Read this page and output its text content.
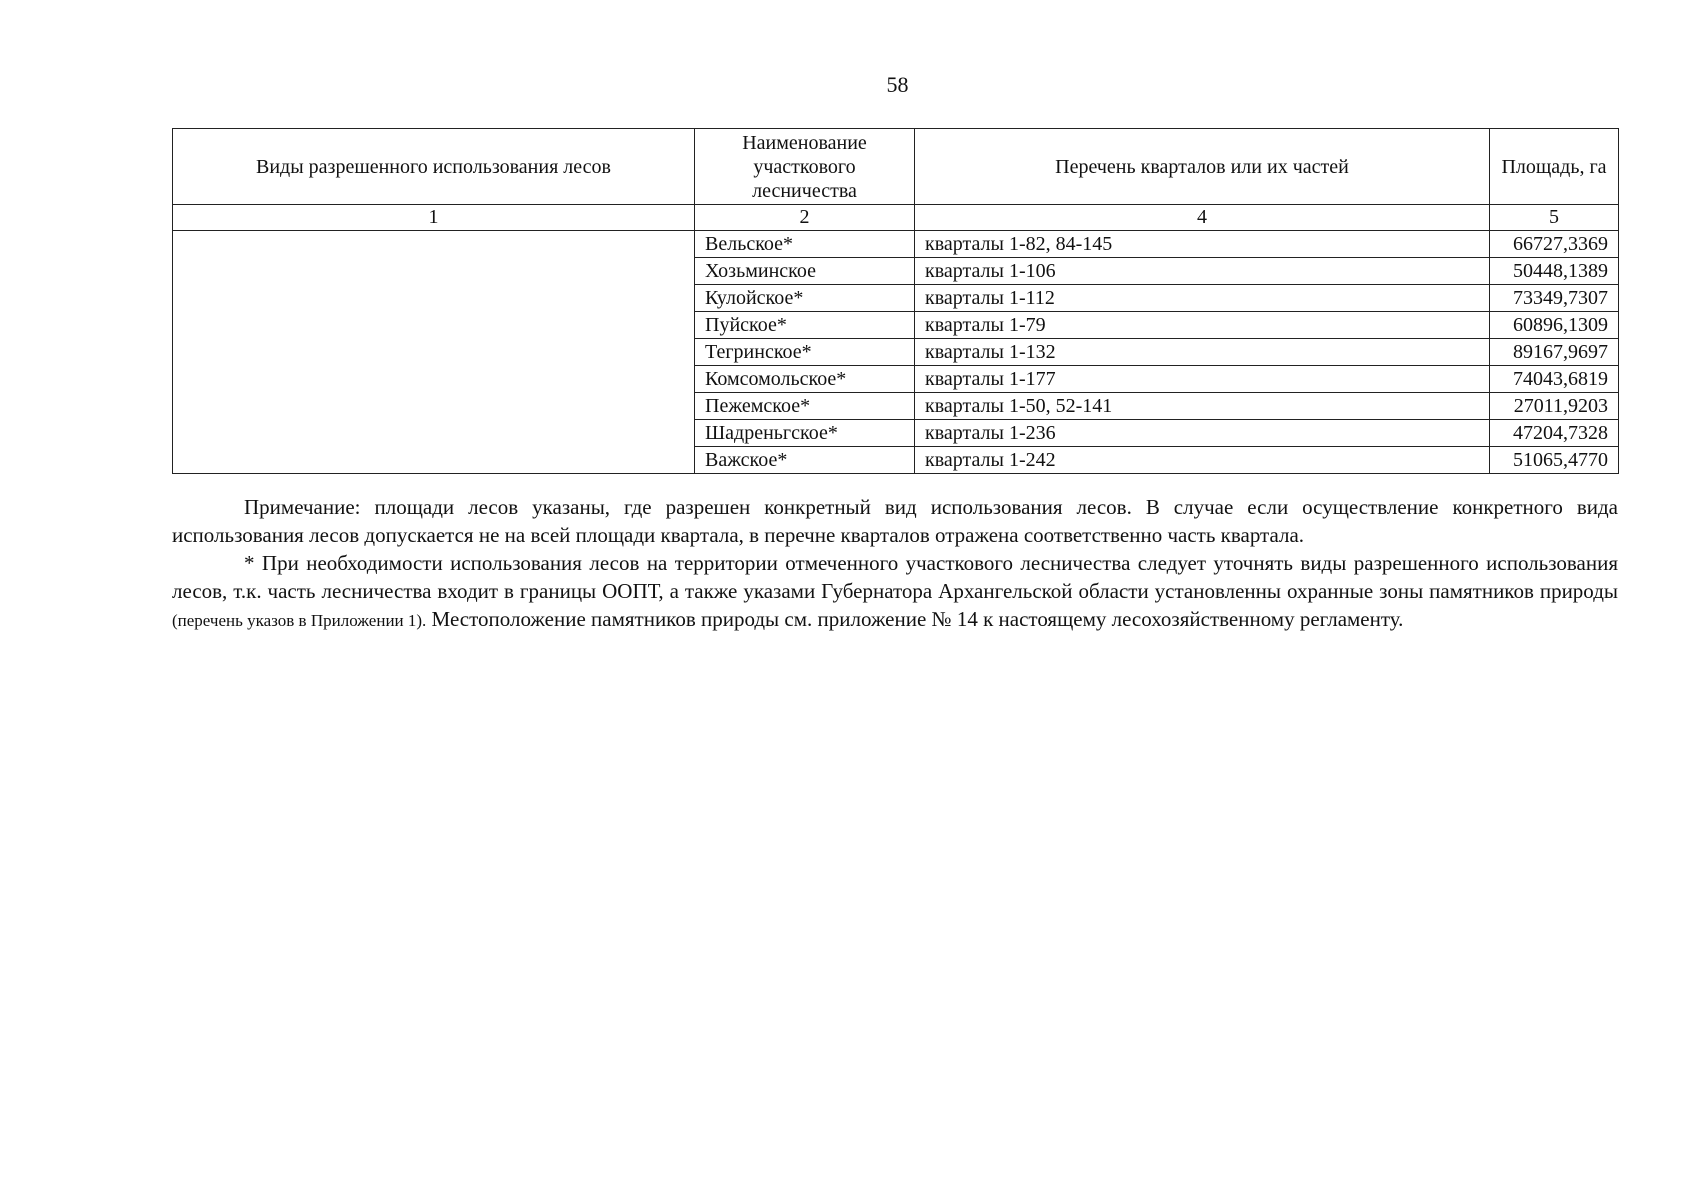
58
Виды разрешенного использования лесов	Наименование участкового лесничества	Перечень кварталов или их частей	Площадь, га
1	2	4	5
	Вельское*	кварталы 1-82, 84-145	66727,3369
	Хозьминское	кварталы 1-106	50448,1389
	Кулойское*	кварталы 1-112	73349,7307
	Пуйское*	кварталы 1-79	60896,1309
	Тегринское*	кварталы 1-132	89167,9697
	Комсомольское*	кварталы 1-177	74043,6819
	Пежемское*	кварталы 1-50, 52-141	27011,9203
	Шадреньгское*	кварталы 1-236	47204,7328
	Важское*	кварталы 1-242	51065,4770

Примечание: площади лесов указаны, где разрешен конкретный вид использования лесов. В случае если осуществление конкретного вида использования лесов допускается не на всей площади квартала, в перечне кварталов отражена соответственно часть квартала.

* При необходимости использования лесов на территории отмеченного участкового лесничества следует уточнять виды разрешенного использования лесов, т.к. часть лесничества входит в границы ООПТ, а также указами Губернатора Архангельской области установленны охранные зоны памятников природы (перечень указов в Приложении 1). Местоположение памятников природы см. приложение № 14 к настоящему лесохозяйственному регламенту.
